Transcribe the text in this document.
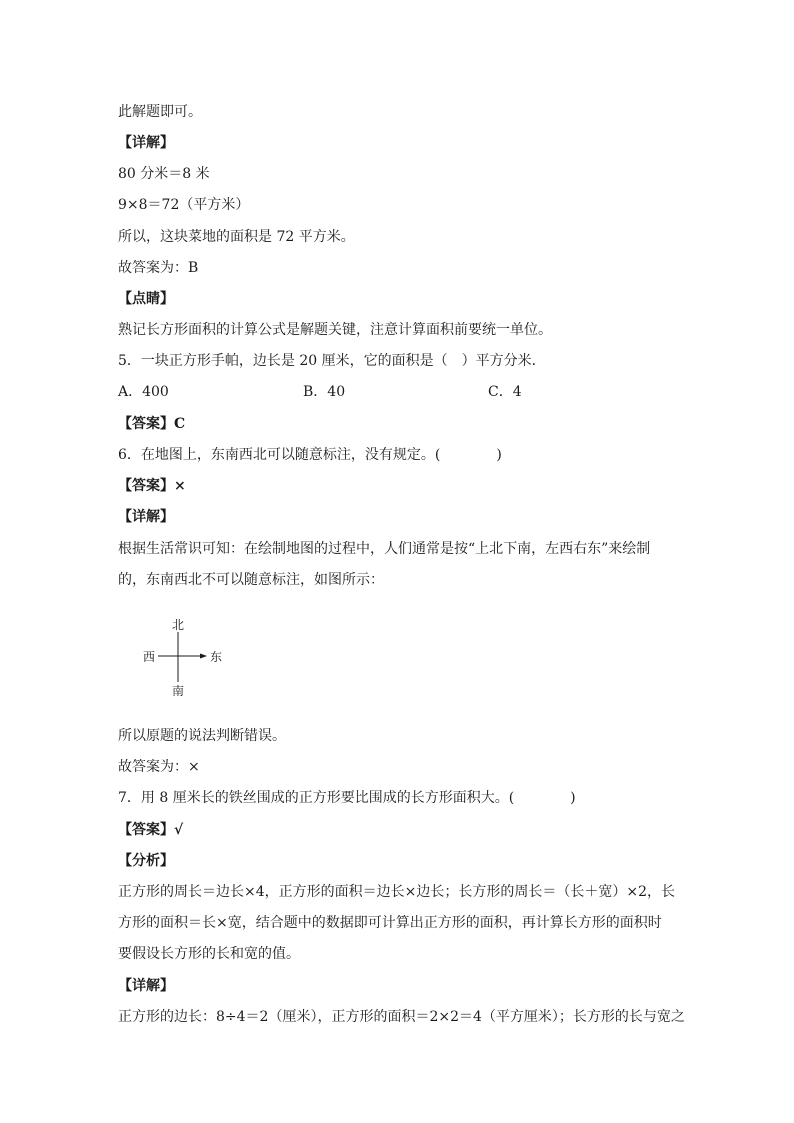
此解题即可。

【详解】

80 分米＝8 米

9×8＝72（平方米）

所以，这块菜地的面积是 72 平方米。

故答案为：B

【点睛】

熟记长方形面积的计算公式是解题关键，注意计算面积前要统一单位。

5．一块正方形手帕，边长是 20 厘米，它的面积是（　）平方分米．

A．400	B．40	C．4

【答案】C

6．在地图上，东南西北可以随意标注，没有规定。(　　　　)

【答案】×

【详解】

根据生活常识可知：在绘制地图的过程中，人们通常是按“上北下南，左西右东”来绘制

的，东南西北不可以随意标注，如图所示：

北
南
西	东

所以原题的说法判断错误。

故答案为：×

7．用 8 厘米长的铁丝围成的正方形要比围成的长方形面积大。(　　　　)

【答案】√

【分析】

正方形的周长＝边长×4，正方形的面积＝边长×边长；长方形的周长＝（长＋宽）×2，长

方形的面积＝长×宽，结合题中的数据即可计算出正方形的面积，再计算长方形的面积时

要假设长方形的长和宽的值。

【详解】

正方形的边长：8÷4＝2（厘米），正方形的面积＝2×2＝4（平方厘米）；长方形的长与宽之
